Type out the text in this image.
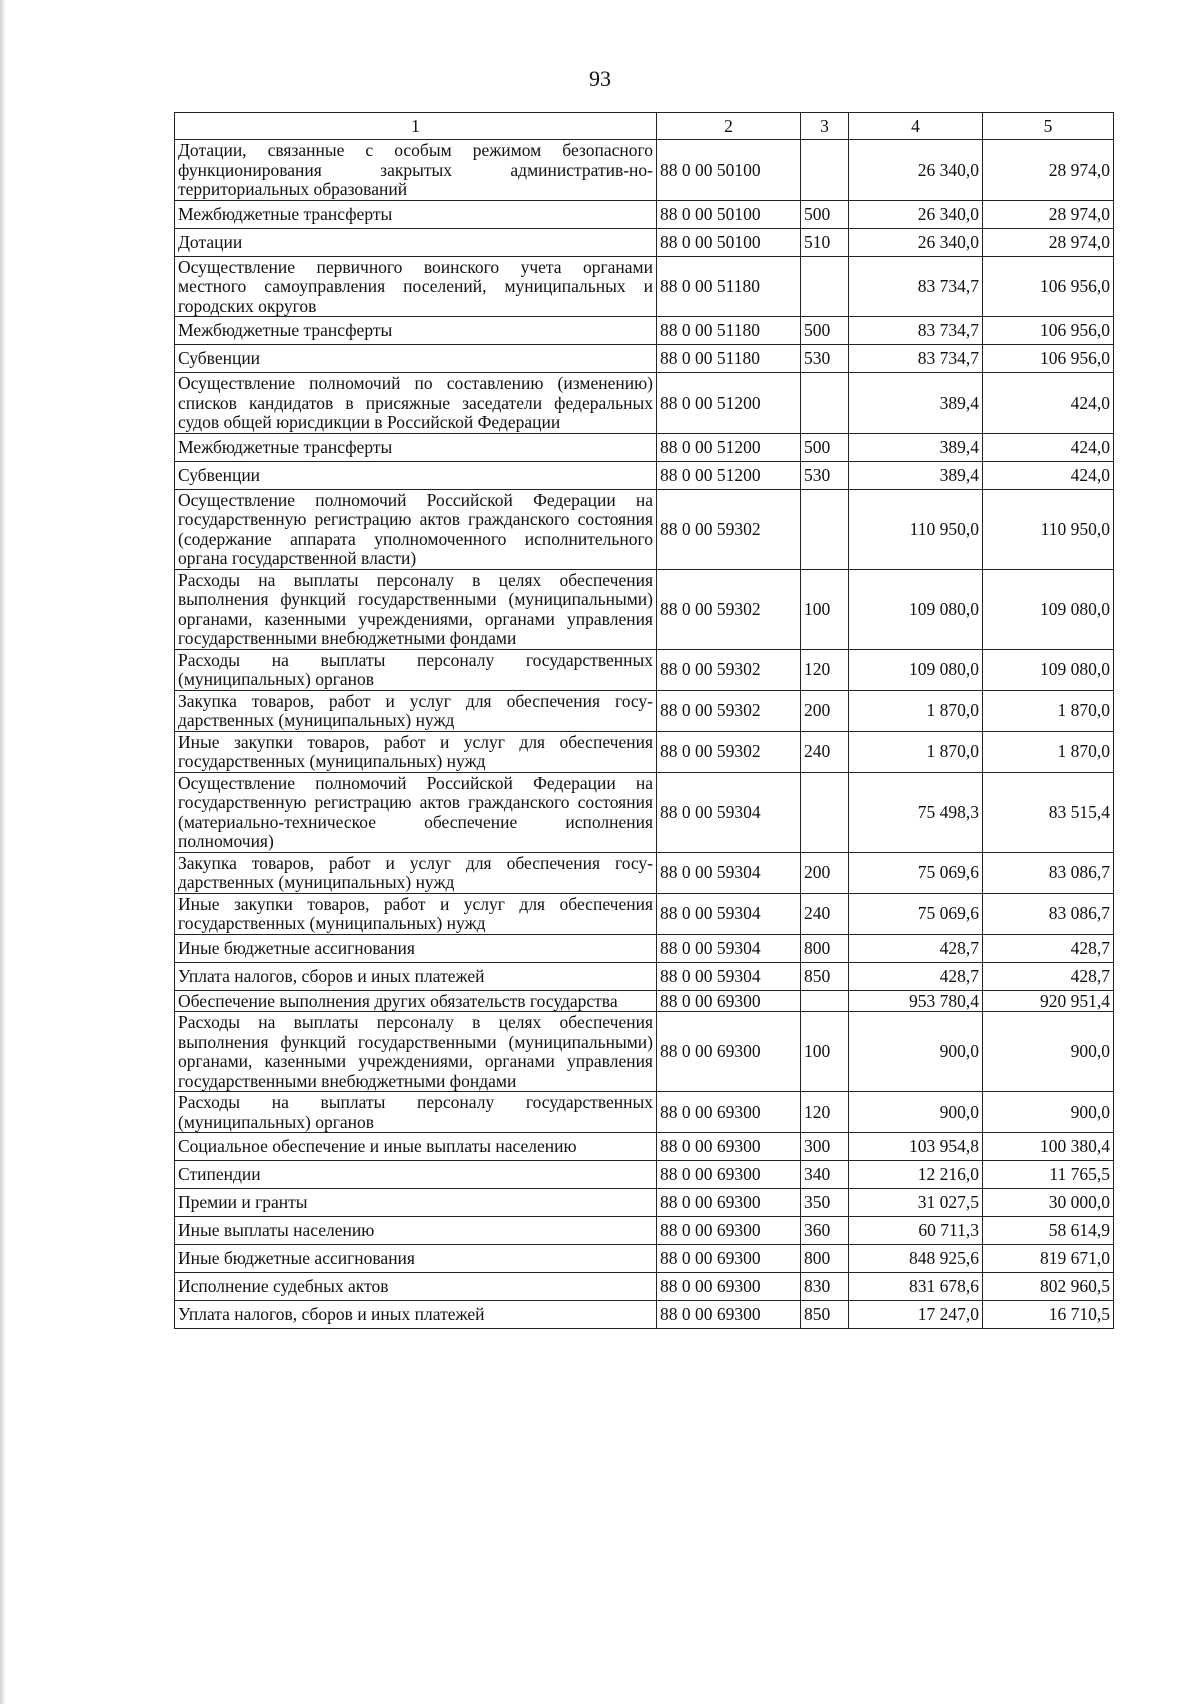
93
1	2	3	4	5
Дотации, связанные с особым режимом безопасного функционирования закрытых административ-но-территориальных образований	88 0 00 50100		26 340,0	28 974,0
Межбюджетные трансферты	88 0 00 50100	500	26 340,0	28 974,0
Дотации	88 0 00 50100	510	26 340,0	28 974,0
Осуществление первичного воинского учета органами местного самоуправления поселений, муниципальных и городских округов	88 0 00 51180		83 734,7	106 956,0
Межбюджетные трансферты	88 0 00 51180	500	83 734,7	106 956,0
Субвенции	88 0 00 51180	530	83 734,7	106 956,0
Осуществление полномочий по составлению (изменению) списков кандидатов в присяжные заседатели федеральных судов общей юрисдикции в Российской Федерации	88 0 00 51200		389,4	424,0
Межбюджетные трансферты	88 0 00 51200	500	389,4	424,0
Субвенции	88 0 00 51200	530	389,4	424,0
Осуществление полномочий Российской Федерации на государственную регистрацию актов гражданского состояния (содержание аппарата уполномоченного исполнительного органа государственной власти)	88 0 00 59302		110 950,0	110 950,0
Расходы на выплаты персоналу в целях обеспечения выполнения функций государственными (муниципальными) органами, казенными учреждениями, органами управления государственными внебюджетными фондами	88 0 00 59302	100	109 080,0	109 080,0
Расходы на выплаты персоналу государственных (муниципальных) органов	88 0 00 59302	120	109 080,0	109 080,0
Закупка товаров, работ и услуг для обеспечения государственных (муниципальных) нужд	88 0 00 59302	200	1 870,0	1 870,0
Иные закупки товаров, работ и услуг для обеспечения государственных (муниципальных) нужд	88 0 00 59302	240	1 870,0	1 870,0
Осуществление полномочий Российской Федерации на государственную регистрацию актов гражданского состояния (материально-техническое обеспечение исполнения полномочия)	88 0 00 59304		75 498,3	83 515,4
Закупка товаров, работ и услуг для обеспечения государственных (муниципальных) нужд	88 0 00 59304	200	75 069,6	83 086,7
Иные закупки товаров, работ и услуг для обеспечения государственных (муниципальных) нужд	88 0 00 59304	240	75 069,6	83 086,7
Иные бюджетные ассигнования	88 0 00 59304	800	428,7	428,7
Уплата налогов, сборов и иных платежей	88 0 00 59304	850	428,7	428,7
Обеспечение выполнения других обязательств государства	88 0 00 69300		953 780,4	920 951,4
Расходы на выплаты персоналу в целях обеспечения выполнения функций государственными (муниципальными) органами, казенными учреждениями, органами управления государственными внебюджетными фондами	88 0 00 69300	100	900,0	900,0
Расходы на выплаты персоналу государственных (муниципальных) органов	88 0 00 69300	120	900,0	900,0
Социальное обеспечение и иные выплаты населению	88 0 00 69300	300	103 954,8	100 380,4
Стипендии	88 0 00 69300	340	12 216,0	11 765,5
Премии и гранты	88 0 00 69300	350	31 027,5	30 000,0
Иные выплаты населению	88 0 00 69300	360	60 711,3	58 614,9
Иные бюджетные ассигнования	88 0 00 69300	800	848 925,6	819 671,0
Исполнение судебных актов	88 0 00 69300	830	831 678,6	802 960,5
Уплата налогов, сборов и иных платежей	88 0 00 69300	850	17 247,0	16 710,5
